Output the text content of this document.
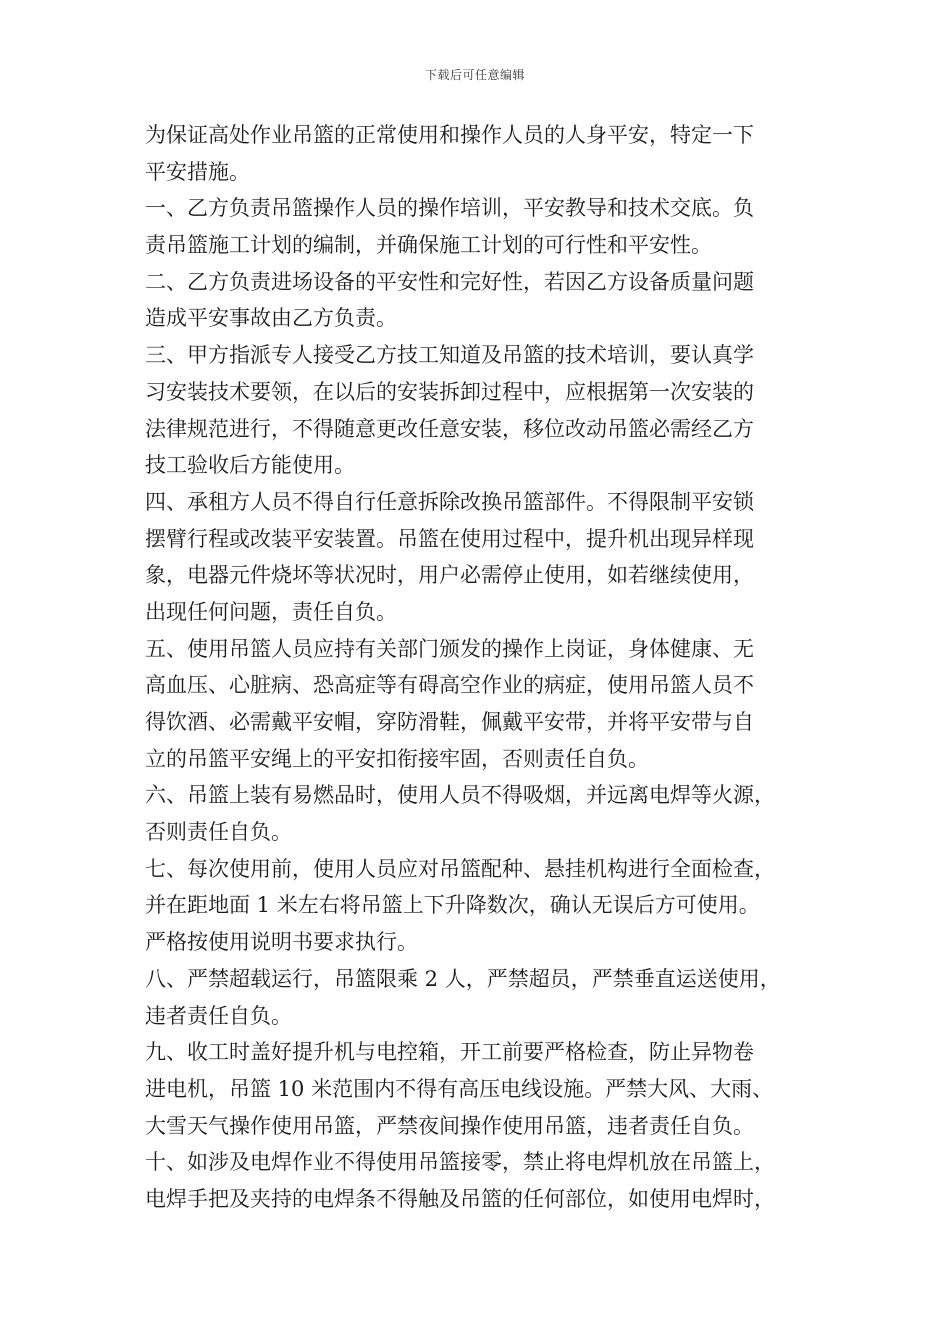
下载后可任意编辑
为保证高处作业吊篮的正常使用和操作人员的人身平安，特定一下
平安措施。
一、乙方负责吊篮操作人员的操作培训，平安教导和技术交底。负
责吊篮施工计划的编制，并确保施工计划的可行性和平安性。
二、乙方负责进场设备的平安性和完好性，若因乙方设备质量问题
造成平安事故由乙方负责。
三、甲方指派专人接受乙方技工知道及吊篮的技术培训，要认真学
习安装技术要领，在以后的安装拆卸过程中，应根据第一次安装的
法律规范进行，不得随意更改任意安装，移位改动吊篮必需经乙方
技工验收后方能使用。
四、承租方人员不得自行任意拆除改换吊篮部件。不得限制平安锁
摆臂行程或改装平安装置。吊篮在使用过程中，提升机出现异样现
象，电器元件烧坏等状况时，用户必需停止使用，如若继续使用，
出现任何问题，责任自负。
五、使用吊篮人员应持有关部门颁发的操作上岗证，身体健康、无
高血压、心脏病、恐高症等有碍高空作业的病症，使用吊篮人员不
得饮酒、必需戴平安帽，穿防滑鞋，佩戴平安带，并将平安带与自
立的吊篮平安绳上的平安扣衔接牢固，否则责任自负。
六、吊篮上装有易燃品时，使用人员不得吸烟，并远离电焊等火源，
否则责任自负。
七、每次使用前，使用人员应对吊篮配种、悬挂机构进行全面检查，
并在距地面 1 米左右将吊篮上下升降数次，确认无误后方可使用。
严格按使用说明书要求执行。
八、严禁超载运行，吊篮限乘 2 人，严禁超员，严禁垂直运送使用，
违者责任自负。
九、收工时盖好提升机与电控箱，开工前要严格检查，防止异物卷
进电机，吊篮 10 米范围内不得有高压电线设施。严禁大风、大雨、
大雪天气操作使用吊篮，严禁夜间操作使用吊篮，违者责任自负。
十、如涉及电焊作业不得使用吊篮接零，禁止将电焊机放在吊篮上，
电焊手把及夹持的电焊条不得触及吊篮的任何部位，如使用电焊时，
